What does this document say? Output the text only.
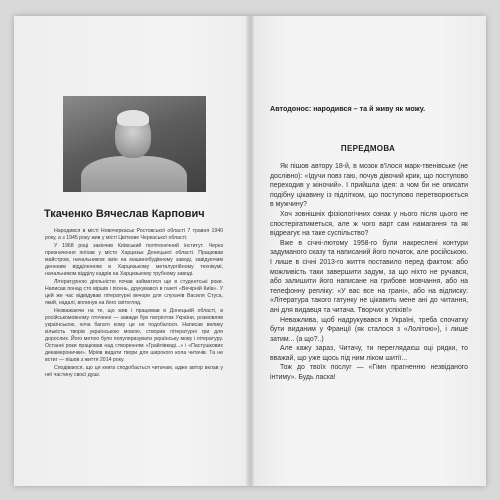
Ткаченко Вячеслав Карпович

Народився в місті Новочеркаськ Ростовської області 7 травня 1940 року, а з 1945 року жив у місті Цвіткове Черкаської області.

У 1968 році закінчив Київський політехнічний інститут. Через призначення поїхав у місто Харцизьк Донецької області. Працював майстром, начальником змін на машинобудівному заводі, завідуючим деннним відділенням в Харцизькому металургійному технікумі, начальником відділу кадрів на Харцизькому трубному заводі.

Літературною діяльністю почав займатися ще в студентські роки. Написав понад сто віршів і пісень, друкувався в газеті «Вечірній Київ». У цей же час відвідував літературні вечори для слухачів Василя Стуса, який, надалі, вплинув на його світогляд.

Незважаючи на те, що жив і працював в Донецькій області, в російськомовному оточенні — завжди був патріотом України, розмовляв українською, хоча багато кому це не подобалося. Написав велику кількість творів українською мовою, створив літературні гри для дорослих. Його метою було популяризувати українську мову і літературу. Останні роки працював над створенням «Грайлівкиді...» і «Пастушкових декамеронички». Мріяв видати твори для широкого кола читачів. Та не встиг — пішов з життя 2014 року.

Сподіваюся, що ця книга сподобається читачам, адже автор вклав у неї частину своєї душі.

Автодонос: народився – та й живу як можу.
ПЕРЕДМОВА

Як пішов автору 18-й, в мозок в'їлося марк-твенівське (не дослівно): «Ідучи повз гаю, почув дівочий крик, що поступово переходив у жіночий». І прийшла ідея: а чом би не описати подібну цікавину із підлітком, що поступово перетворюється в мужчину?

Хоч зовнішніх фізіологічних ознак у нього після цього не спостерігатиметься, але ж чого варт сам намагання та як відреагує на таке суспільство?

Вже в січні-лютому 1958-го були накреслені контури задуманого сказу та написаний його початок, але російською. І лише в січні 2013-го життя поставило перед фактом: або можливість таки завершити задум, за що ніхто не ручався, або залишити його написане на грибове мовчання, або на телефонну репліку: «У вас все на грані», або на відписку: «Література такого гатунку не цікавить мене ані до читання, ані для видавця та читача. Творчих успіхів!»

Неважлива, щоб надрукувався в Україні, треба спочатку бути виданим у Франції (як сталося з «Лолітою»), і лише затим... (а що?..)

Але кажу зараз, Читачу, ти переглядаєш оці рядки, то вважай, що уже щось під ним ліком шитії...

Тож до твоїх послуг — «Гімн прагненню незвіданого інтиму». Будь ласка!
